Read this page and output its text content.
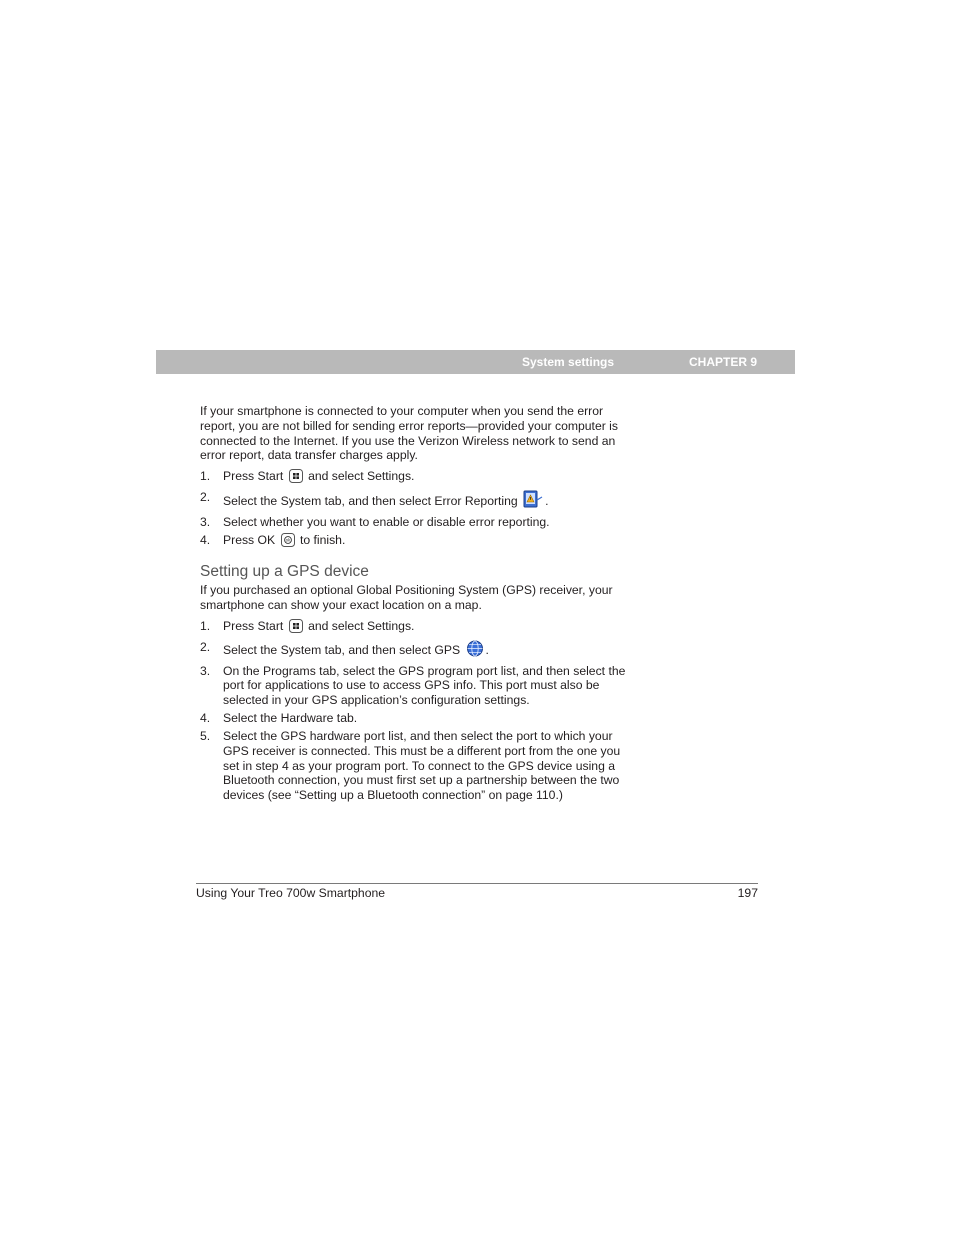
System settings	CHAPTER 9

If your smartphone is connected to your computer when you send the error report, you are not billed for sending error reports—provided your computer is connected to the Internet. If you use the Verizon Wireless network to send an error report, data transfer charges apply.

1. Press Start and select Settings.
2. Select the System tab, and then select Error Reporting .
3. Select whether you want to enable or disable error reporting.
4. Press OK	ok to finish.
Setting up a GPS device

If you purchased an optional Global Positioning System (GPS) receiver, your smartphone can show your exact location on a map.

1. Press Start and select Settings.
2. Select the System tab, and then select GPS .
3. On the Programs tab, select the GPS program port list, and then select the port for applications to use to access GPS info. This port must also be selected in your GPS application’s configuration settings.
4. Select the Hardware tab.
5. Select the GPS hardware port list, and then select the port to which your GPS receiver is connected. This must be a different port from the one you set in step 4 as your program port. To connect to the GPS device using a Bluetooth connection, you must first set up a partnership between the two devices (see “Setting up a Bluetooth connection” on page 110.)
Using Your Treo 700w Smartphone	197
